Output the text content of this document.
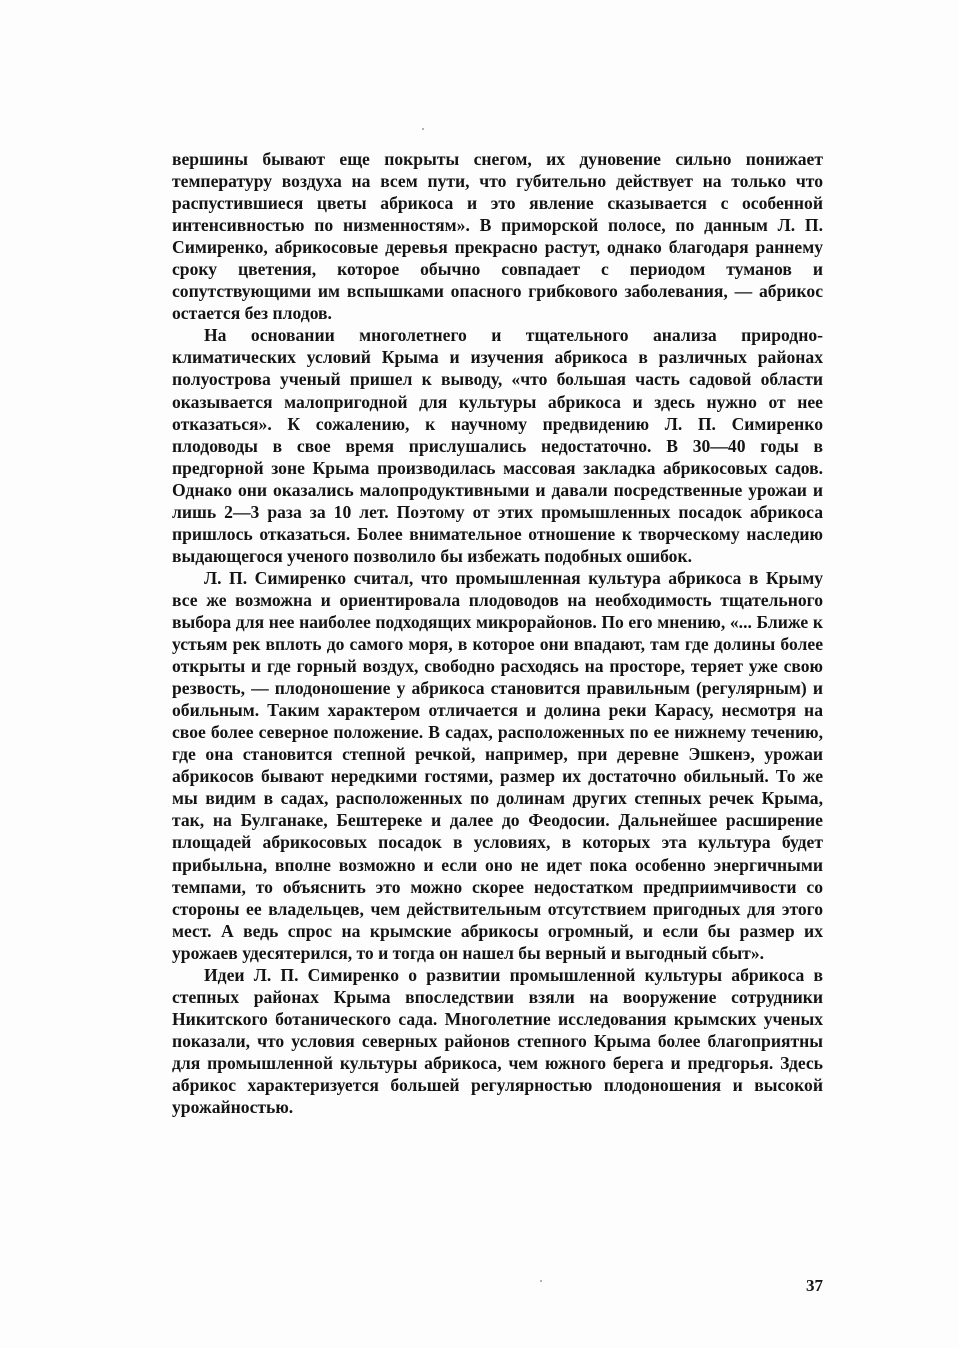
вершины бывают еще покрыты снегом, их дуновение сильно понижает температуру воздуха на всем пути, что губительно действует на только что распустившиеся цветы абрикоса и это явление сказывается с особенной интенсивностью по низменностям». В приморской полосе, по данным Л. П. Симиренко, абрикосовые деревья прекрасно растут, однако благодаря раннему сроку цветения, которое обычно совпадает с периодом туманов и сопутствующими им вспышками опасного грибкового заболевания, — абрикос остается без плодов.

На основании многолетнего и тщательного анализа природно-климатических условий Крыма и изучения абрикоса в различных районах полуострова ученый пришел к выводу, «что большая часть садовой области оказывается малопригодной для культуры абрикоса и здесь нужно от нее отказаться». К сожалению, к научному предвидению Л. П. Симиренко плодоводы в свое время прислушались недостаточно. В 30—40 годы в предгорной зоне Крыма производилась массовая закладка абрикосовых садов. Однако они оказались малопродуктивными и давали посредственные урожаи и лишь 2—3 раза за 10 лет. Поэтому от этих промышленных посадок абрикоса пришлось отказаться. Более внимательное отношение к творческому наследию выдающегося ученого позволило бы избежать подобных ошибок.

Л. П. Симиренко считал, что промышленная культура абрикоса в Крыму все же возможна и ориентировала плодоводов на необходимость тщательного выбора для нее наиболее подходящих микрорайонов. По его мнению, «... Ближе к устьям рек вплоть до самого моря, в которое они впадают, там где долины более открыты и где горный воздух, свободно расходясь на просторе, теряет уже свою резвость, — плодоношение у абрикоса становится правильным (регулярным) и обильным. Таким характером отличается и долина реки Карасу, несмотря на свое более северное положение. В садах, расположенных по ее нижнему течению, где она становится степной речкой, например, при деревне Эшкенэ, урожаи абрикосов бывают нередкими гостями, размер их достаточно обильный. То же мы видим в садах, расположенных по долинам других степных речек Крыма, так, на Булганаке, Бештереке и далее до Феодосии. Дальнейшее расширение площадей абрикосовых посадок в условиях, в которых эта культура будет прибыльна, вполне возможно и если оно не идет пока особенно энергичными темпами, то объяснить это можно скорее недостатком предприимчивости со стороны ее владельцев, чем действительным отсутствием пригодных для этого мест. А ведь спрос на крымские абрикосы огромный, и если бы размер их урожаев удесятерился, то и тогда он нашел бы верный и выгодный сбыт».

Идеи Л. П. Симиренко о развитии промышленной культуры абрикоса в степных районах Крыма впоследствии взяли на вооружение сотрудники Никитского ботанического сада. Многолетние исследования крымских ученых показали, что условия северных районов степного Крыма более благоприятны для промышленной культуры абрикоса, чем южного берега и предгорья. Здесь абрикос характеризуется большей регулярностью плодоношения и высокой урожайностью.

37
